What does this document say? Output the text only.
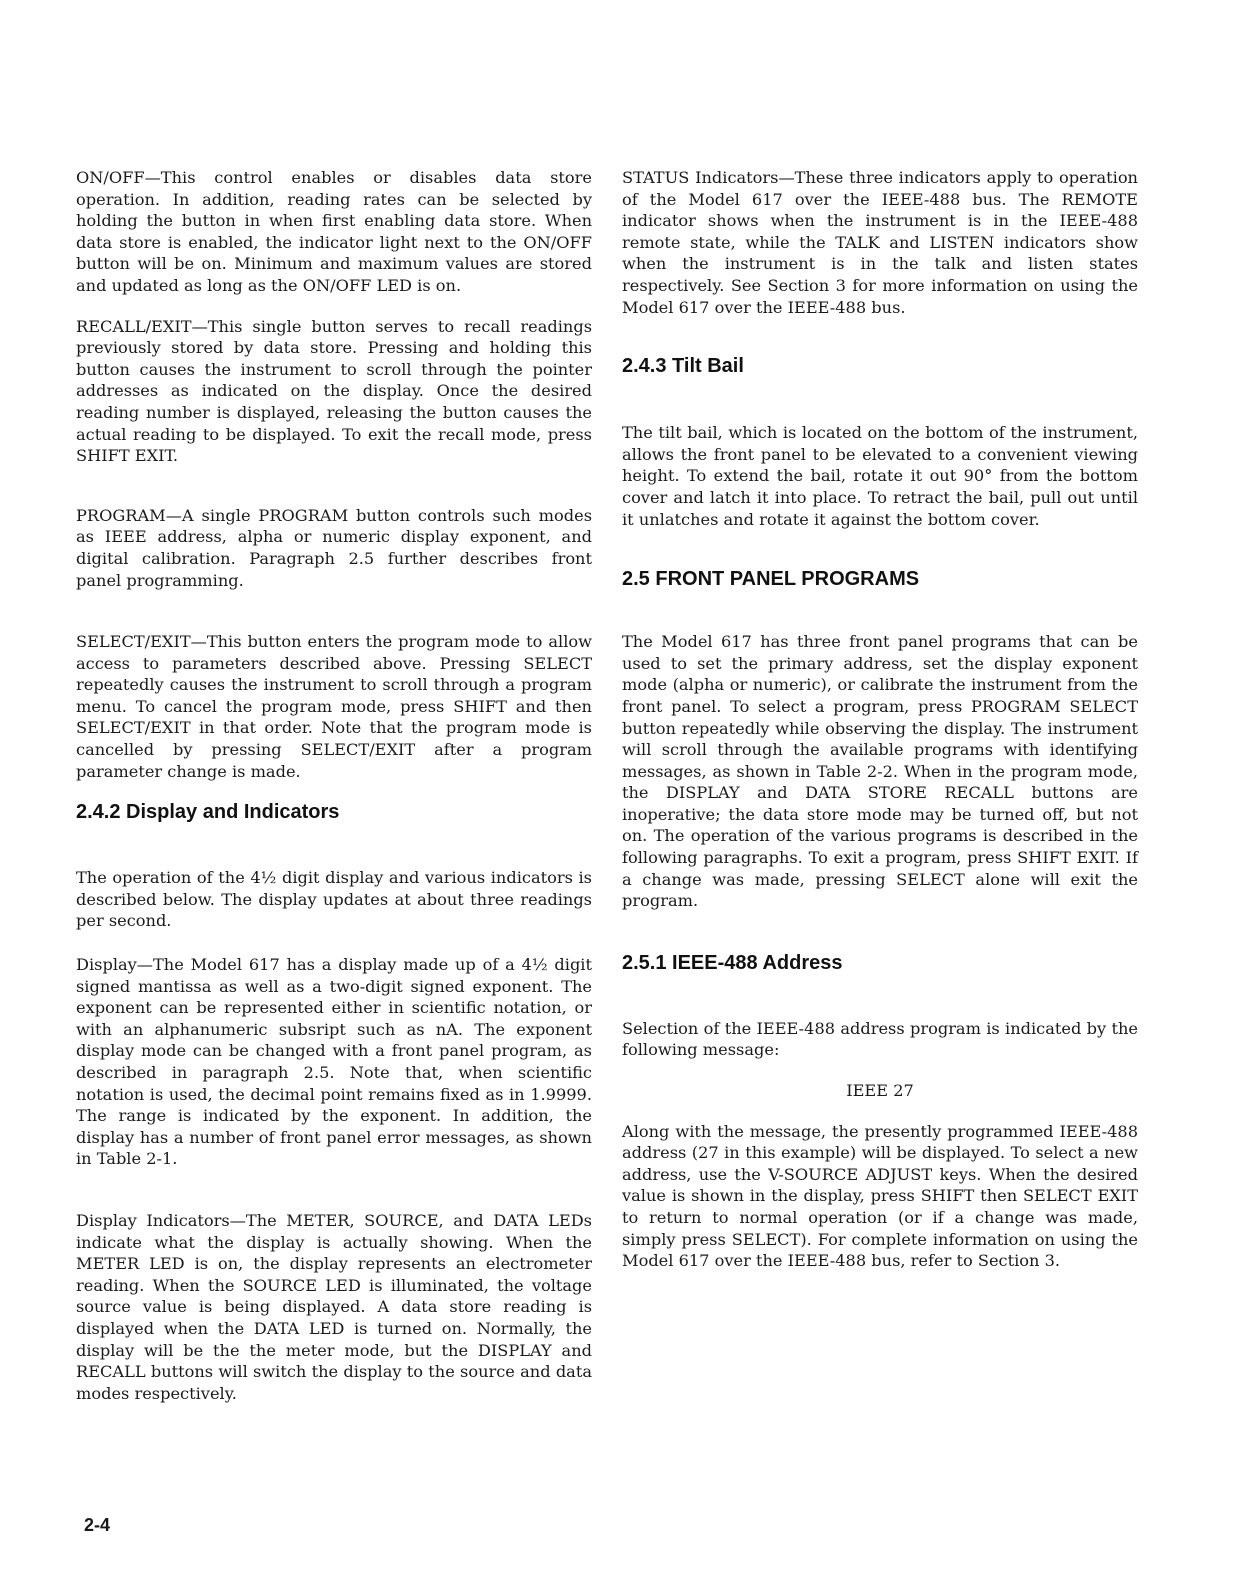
ON/OFF—This control enables or disables data store operation. In addition, reading rates can be selected by holding the button in when first enabling data store. When data store is enabled, the indicator light next to the ON/OFF button will be on. Minimum and maximum values are stored and updated as long as the ON/OFF LED is on.

RECALL/EXIT—This single button serves to recall readings previously stored by data store. Pressing and holding this button causes the instrument to scroll through the pointer addresses as indicated on the display. Once the desired reading number is displayed, releasing the button causes the actual reading to be displayed. To exit the recall mode, press SHIFT EXIT.

PROGRAM—A single PROGRAM button controls such modes as IEEE address, alpha or numeric display exponent, and digital calibration. Paragraph 2.5 further describes front panel programming.

SELECT/EXIT—This button enters the program mode to allow access to parameters described above. Pressing SELECT repeatedly causes the instrument to scroll through a program menu. To cancel the program mode, press SHIFT and then SELECT/EXIT in that order. Note that the program mode is cancelled by pressing SELECT/EXIT after a program parameter change is made.

2.4.2 Display and Indicators

The operation of the 4½ digit display and various indicators is described below. The display updates at about three readings per second.

Display—The Model 617 has a display made up of a 4½ digit signed mantissa as well as a two-digit signed exponent. The exponent can be represented either in scientific notation, or with an alphanumeric subsript such as nA. The exponent display mode can be changed with a front panel program, as described in paragraph 2.5. Note that, when scientific notation is used, the decimal point remains fixed as in 1.9999. The range is indicated by the exponent. In addition, the display has a number of front panel error messages, as shown in Table 2-1.

Display Indicators—The METER, SOURCE, and DATA LEDs indicate what the display is actually showing. When the METER LED is on, the display represents an electrometer reading. When the SOURCE LED is illuminated, the voltage source value is being displayed. A data store reading is displayed when the DATA LED is turned on. Normally, the display will be the the meter mode, but the DISPLAY and RECALL buttons will switch the display to the source and data modes respectively.

STATUS Indicators—These three indicators apply to operation of the Model 617 over the IEEE-488 bus. The REMOTE indicator shows when the instrument is in the IEEE-488 remote state, while the TALK and LISTEN indicators show when the instrument is in the talk and listen states respectively. See Section 3 for more information on using the Model 617 over the IEEE-488 bus.

2.4.3 Tilt Bail

The tilt bail, which is located on the bottom of the instrument, allows the front panel to be elevated to a convenient viewing height. To extend the bail, rotate it out 90° from the bottom cover and latch it into place. To retract the bail, pull out until it unlatches and rotate it against the bottom cover.

2.5 FRONT PANEL PROGRAMS

The Model 617 has three front panel programs that can be used to set the primary address, set the display exponent mode (alpha or numeric), or calibrate the instrument from the front panel. To select a program, press PROGRAM SELECT button repeatedly while observing the display. The instrument will scroll through the available programs with identifying messages, as shown in Table 2-2. When in the program mode, the DISPLAY and DATA STORE RECALL buttons are inoperative; the data store mode may be turned off, but not on. The operation of the various programs is described in the following paragraphs. To exit a program, press SHIFT EXIT. If a change was made, pressing SELECT alone will exit the program.

2.5.1 IEEE-488 Address

Selection of the IEEE-488 address program is indicated by the following message:

IEEE 27

Along with the message, the presently programmed IEEE-488 address (27 in this example) will be displayed. To select a new address, use the V-SOURCE ADJUST keys. When the desired value is shown in the display, press SHIFT then SELECT EXIT to return to normal operation (or if a change was made, simply press SELECT). For complete information on using the Model 617 over the IEEE-488 bus, refer to Section 3.

2-4
